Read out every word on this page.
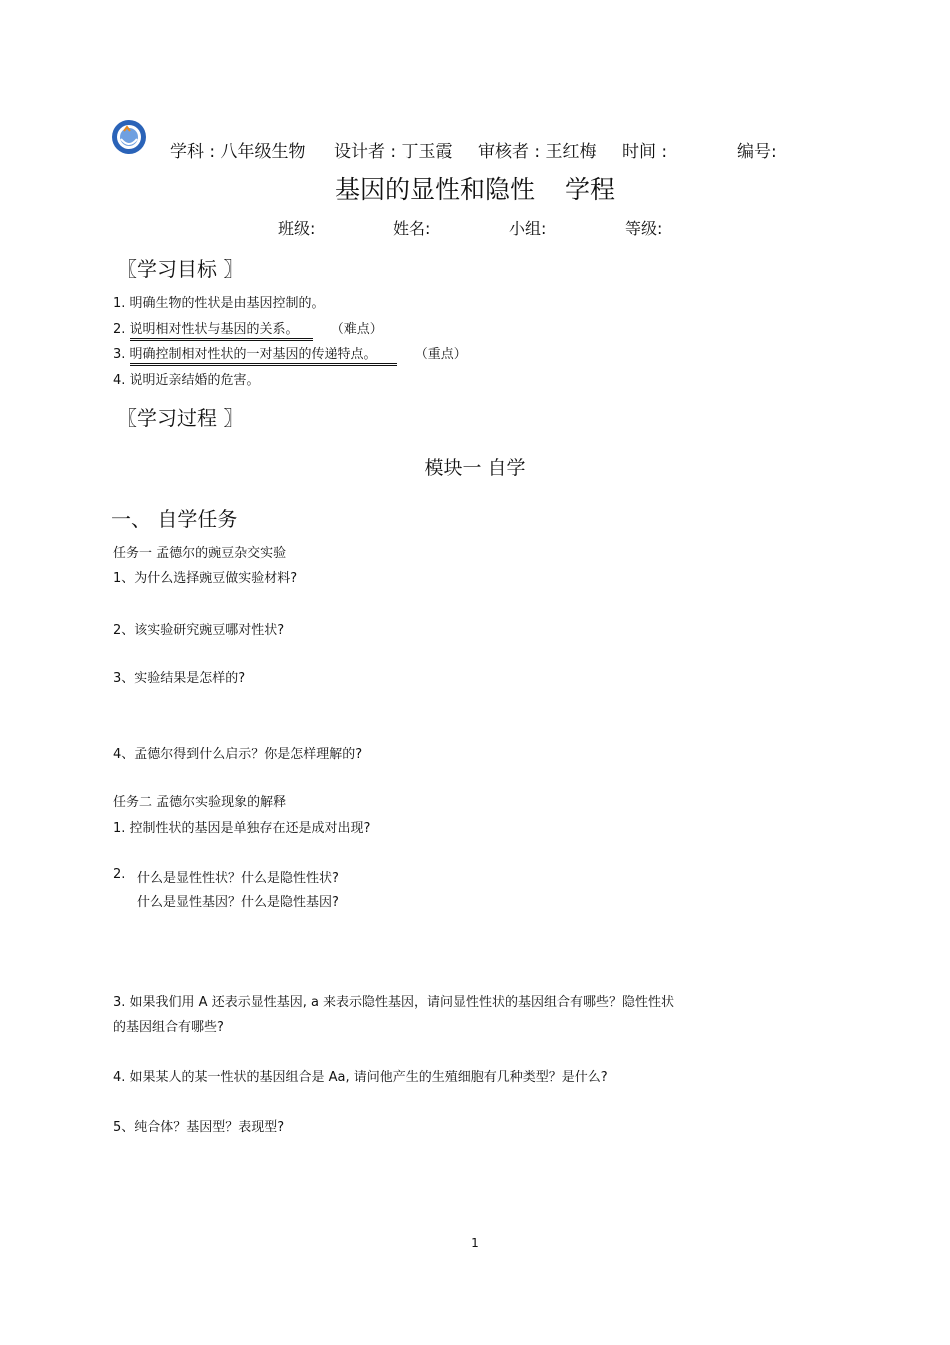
学科 : 八年级生物 设计者 : 丁玉霞 审核者 : 王红梅 时间 :	编号:
基因的显性和隐性 学程
班级:	姓名:	小组:	等级:
〖学习目标 〗
1. 明确生物的性状是由基因控制的。
2. 说明相对性状与基因的关系。 （难点）
3. 明确控制相对性状的一对基因的传递特点。	（重点）
4. 说明近亲结婚的危害。
〖学习过程 〗
模块一 自学
一、 自学任务
任务一 孟德尔的豌豆杂交实验
1、为什么选择豌豆做实验材料?
2、该实验研究豌豆哪对性状?
3、实验结果是怎样的?
4、孟德尔得到什么启示？你是怎样理解的?
任务二 孟德尔实验现象的解释
1. 控制性状的基因是单独存在还是成对出现?
2. 什么是显性性状？什么是隐性性状?
什么是显性基因？什么是隐性基因?
3. 如果我们用 A 还表示显性基因, a 来表示隐性基因，请问显性性状的基因组合有哪些？隐性性状
的基因组合有哪些?
4. 如果某人的某一性状的基因组合是 Aa, 请问他产生的生殖细胞有几种类型？是什么?
5、纯合体？基因型？表现型?
1
